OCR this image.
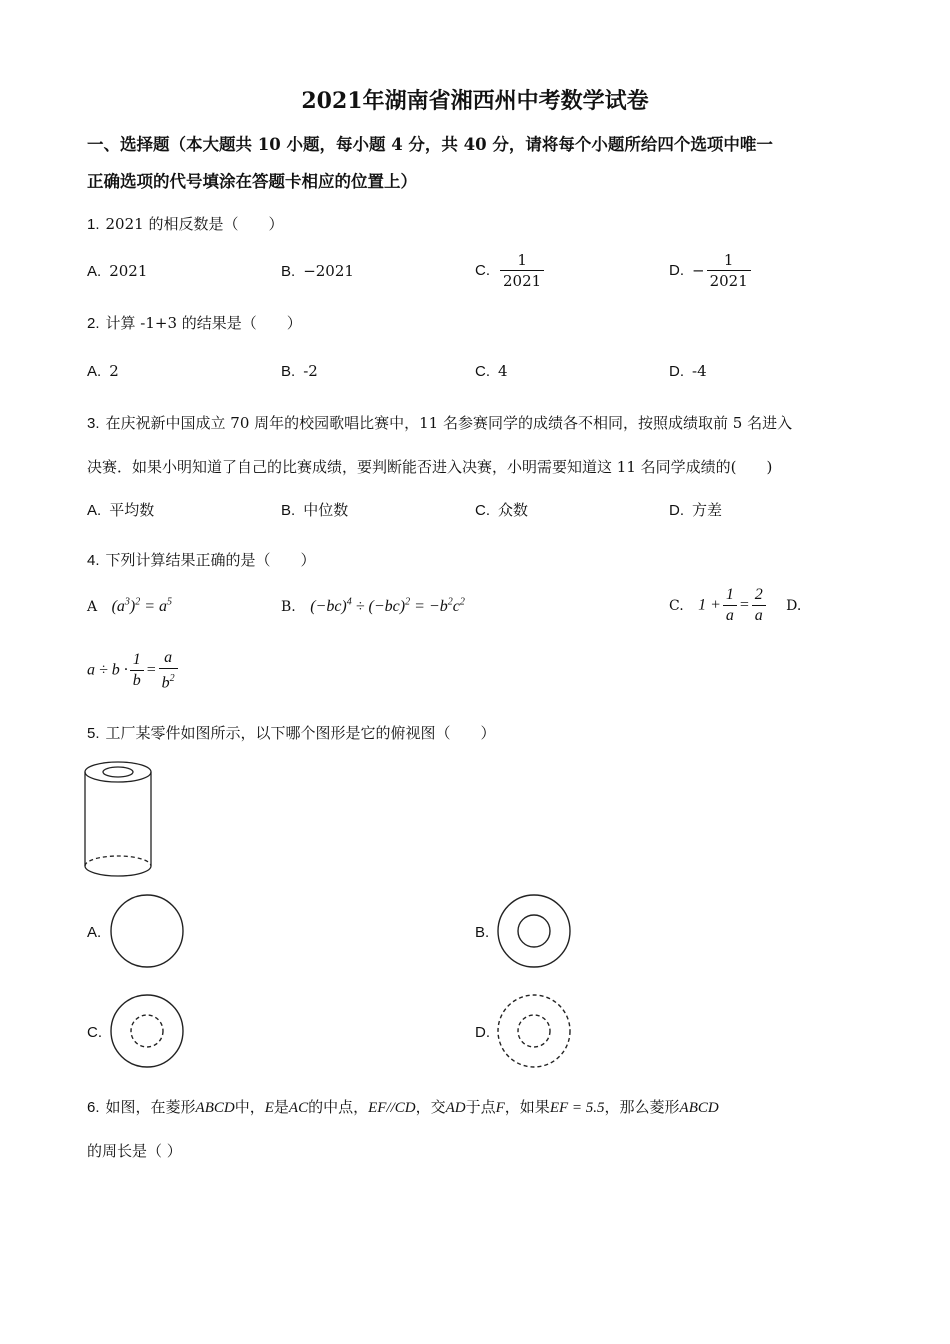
2021年湖南省湘西州中考数学试卷
一、选择题（本大题共 10 小题，每小题 4 分，共 40 分，请将每个小题所给四个选项中唯一
正确选项的代号填涂在答题卡相应的位置上）
1. 2021 的相反数是（　　）
A. 2021	B. −2021	C. $\frac{1}{2021}$	D. − $\frac{1}{2021}$
2. 计算 -1+3 的结果是（　　）
A. 2	B. -2	C. 4	D. -4
3. 在庆祝新中国成立 70 周年的校园歌唱比赛中，11 名参赛同学的成绩各不相同，按照成绩取前 5 名进入
决赛．如果小明知道了自己的比赛成绩，要判断能否进入决赛，小明需要知道这 11 名同学成绩的(　　)
A. 平均数	B. 中位数	C. 众数	D. 方差
4. 下列计算结果正确的是（　　）
A $(a^3)^2 = a^5$	B. $(-bc)^4 \div (-bc)^2 = -b^2c^2$	C. $1 + \frac{1}{a} = \frac{2}{a} D$.
$a \div b \cdot \frac{1}{b} = \frac{a}{b^2}$
5. 工厂某零件如图所示，以下哪个图形是它的俯视图（　　）
A.	B.
C.	D.
6. 如图，在菱形ABCD中，E是AC的中点，EF//CD，交AD于点F，如果EF = 5.5，那么菱形ABCD
的周长是（ ）
